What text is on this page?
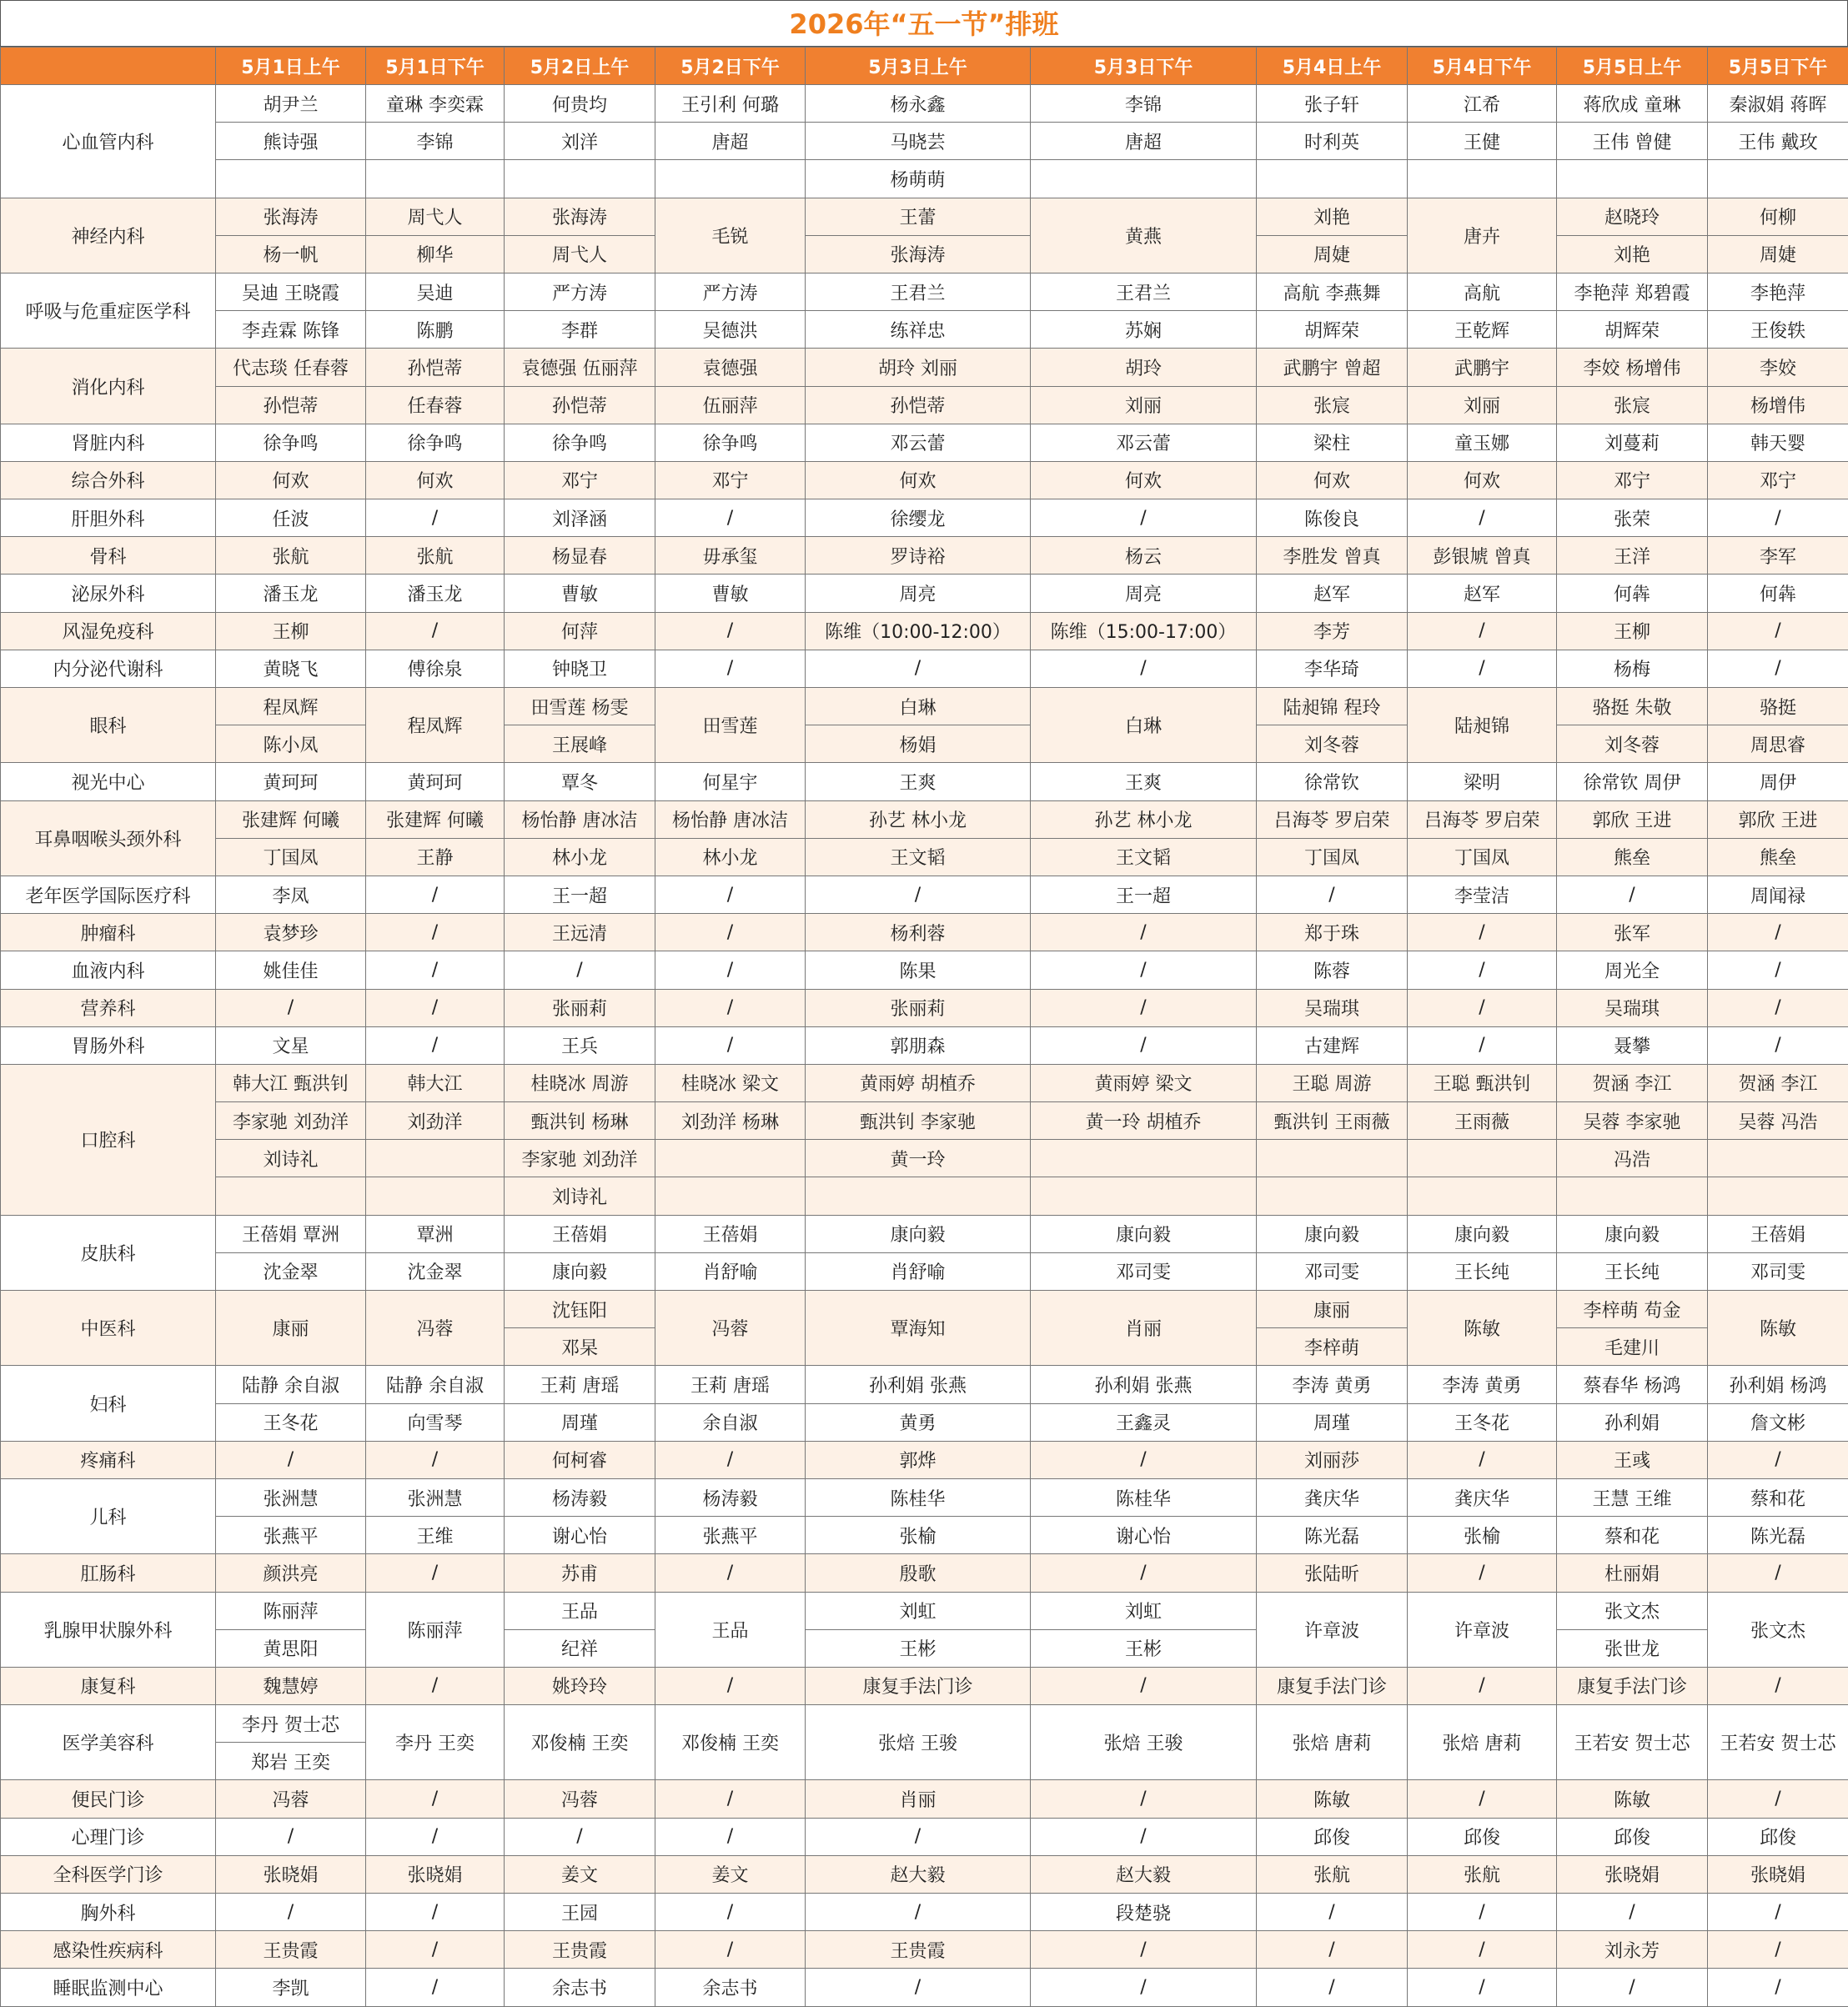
2026年“五一节”排班
	5月1日上午	5月1日下午	5月2日上午	5月2日下午	5月3日上午	5月3日下午	5月4日上午	5月4日下午	5月5日上午	5月5日下午
心血管内科	胡尹兰	童琳 李奕霖	何贵均	王引利 何璐	杨永鑫	李锦	张子轩	江希	蒋欣成 童琳	秦淑娟 蒋晖
	熊诗强	李锦	刘洋	唐超	马晓芸	唐超	时利英	王健	王伟 曾健	王伟 戴玫
					杨萌萌					
神经内科	张海涛	周弋人	张海涛	毛锐	王蕾	黄燕	刘艳	唐卉	赵晓玲	何柳
	杨一帆	柳华	周弋人		张海涛		周婕		刘艳	周婕
呼吸与危重症医学科	吴迪 王晓霞	吴迪	严方涛	严方涛	王君兰	王君兰	高航 李燕舞	高航	李艳萍 郑碧霞	李艳萍
	李垚霖 陈锋	陈鹏	李群	吴德洪	练祥忠	苏娴	胡辉荣	王乾辉	胡辉荣	王俊轶
消化内科	代志琰 任春蓉	孙恺蒂	袁德强 伍丽萍	袁德强	胡玲 刘丽	胡玲	武鹏宇 曾超	武鹏宇	李姣 杨增伟	李姣
	孙恺蒂	任春蓉	孙恺蒂	伍丽萍	孙恺蒂	刘丽	张宸	刘丽	张宸	杨增伟
肾脏内科	徐争鸣	徐争鸣	徐争鸣	徐争鸣	邓云蕾	邓云蕾	梁柱	童玉娜	刘蔓莉	韩天婴
综合外科	何欢	何欢	邓宁	邓宁	何欢	何欢	何欢	何欢	邓宁	邓宁
肝胆外科	任波	/	刘泽涵	/	徐缨龙	/	陈俊良	/	张荣	/
骨科	张航	张航	杨显春	毋承玺	罗诗裕	杨云	李胜发 曾真	彭银虓 曾真	王洋	李军
泌尿外科	潘玉龙	潘玉龙	曹敏	曹敏	周亮	周亮	赵军	赵军	何犇	何犇
风湿免疫科	王柳	/	何萍	/	陈维（10:00-12:00）	陈维（15:00-17:00）	李芳	/	王柳	/
内分泌代谢科	黄晓飞	傅徐泉	钟晓卫	/	/	/	李华琦	/	杨梅	/
眼科	程凤辉	程凤辉	田雪莲 杨雯	田雪莲	白琳	白琳	陆昶锦 程玲	陆昶锦	骆挺 朱敬	骆挺
	陈小凤		王展峰		杨娟		刘冬蓉		刘冬蓉	周思睿
视光中心	黄珂珂	黄珂珂	覃冬	何星宇	王爽	王爽	徐常钦	梁明	徐常钦 周伊	周伊
耳鼻咽喉头颈外科	张建辉 何曦	张建辉 何曦	杨怡静 唐冰洁	杨怡静 唐冰洁	孙艺 林小龙	孙艺 林小龙	吕海苓 罗启荣	吕海苓 罗启荣	郭欣 王进	郭欣 王进
	丁国凤	王静	林小龙	林小龙	王文韬	王文韬	丁国凤	丁国凤	熊垒	熊垒
老年医学国际医疗科	李凤	/	王一超	/	/	王一超	/	李莹洁	/	周闻禄
肿瘤科	袁梦珍	/	王远清	/	杨利蓉	/	郑于珠	/	张军	/
血液内科	姚佳佳	/	/	/	陈果	/	陈蓉	/	周光全	/
营养科	/	/	张丽莉	/	张丽莉	/	吴瑞琪	/	吴瑞琪	/
胃肠外科	文星	/	王兵	/	郭朋森	/	古建辉	/	聂攀	/
口腔科	韩大江 甄洪钊	韩大江	桂晓冰 周游	桂晓冰 梁文	黄雨婷 胡植乔	黄雨婷 梁文	王聪 周游	王聪 甄洪钊	贺涵 李江	贺涵 李江
	李家驰 刘劲洋	刘劲洋	甄洪钊 杨琳	刘劲洋 杨琳	甄洪钊 李家驰	黄一玲 胡植乔	甄洪钊 王雨薇	王雨薇	吴蓉 李家驰	吴蓉 冯浩
	刘诗礼		李家驰 刘劲洋		黄一玲				冯浩	
			刘诗礼							
皮肤科	王蓓娟 覃洲	覃洲	王蓓娟	王蓓娟	康向毅	康向毅	康向毅	康向毅	康向毅	王蓓娟
	沈金翠	沈金翠	康向毅	肖舒喻	肖舒喻	邓司雯	邓司雯	王长纯	王长纯	邓司雯
中医科	康丽	冯蓉	沈钰阳	冯蓉	覃海知	肖丽	康丽	陈敏	李梓萌 苟金	陈敏
			邓杲				李梓萌		毛建川	
妇科	陆静 余自淑	陆静 余自淑	王莉 唐瑶	王莉 唐瑶	孙利娟 张燕	孙利娟 张燕	李涛 黄勇	李涛 黄勇	蔡春华 杨鸿	孙利娟 杨鸿
	王冬花	向雪琴	周瑾	余自淑	黄勇	王鑫灵	周瑾	王冬花	孙利娟	詹文彬
疼痛科	/	/	何柯睿	/	郭烨	/	刘丽莎	/	王彧	/
儿科	张洲慧	张洲慧	杨涛毅	杨涛毅	陈桂华	陈桂华	龚庆华	龚庆华	王慧 王维	蔡和花
	张燕平	王维	谢心怡	张燕平	张榆	谢心怡	陈光磊	张榆	蔡和花	陈光磊
肛肠科	颜洪亮	/	苏甫	/	殷歌	/	张陆昕	/	杜丽娟	/
乳腺甲状腺外科	陈丽萍	陈丽萍	王品	王品	刘虹	刘虹	许章波	许章波	张文杰	张文杰
	黄思阳		纪祥		王彬	王彬			张世龙	
康复科	魏慧婷	/	姚玲玲	/	康复手法门诊	/	康复手法门诊	/	康复手法门诊	/
医学美容科	李丹 贺士芯	李丹 王奕	邓俊楠 王奕	邓俊楠 王奕	张焙 王骏	张焙 王骏	张焙 唐莉	张焙 唐莉	王若安 贺士芯	王若安 贺士芯
	郑岩 王奕									
便民门诊	冯蓉	/	冯蓉	/	肖丽	/	陈敏	/	陈敏	/
心理门诊	/	/	/	/	/	/	邱俊	邱俊	邱俊	邱俊
全科医学门诊	张晓娟	张晓娟	姜文	姜文	赵大毅	赵大毅	张航	张航	张晓娟	张晓娟
胸外科	/	/	王园	/	/	段楚骁	/	/	/	/
感染性疾病科	王贵霞	/	王贵霞	/	王贵霞	/	/	/	刘永芳	/
睡眠监测中心	李凯	/	余志书	余志书	/	/	/	/	/	/
